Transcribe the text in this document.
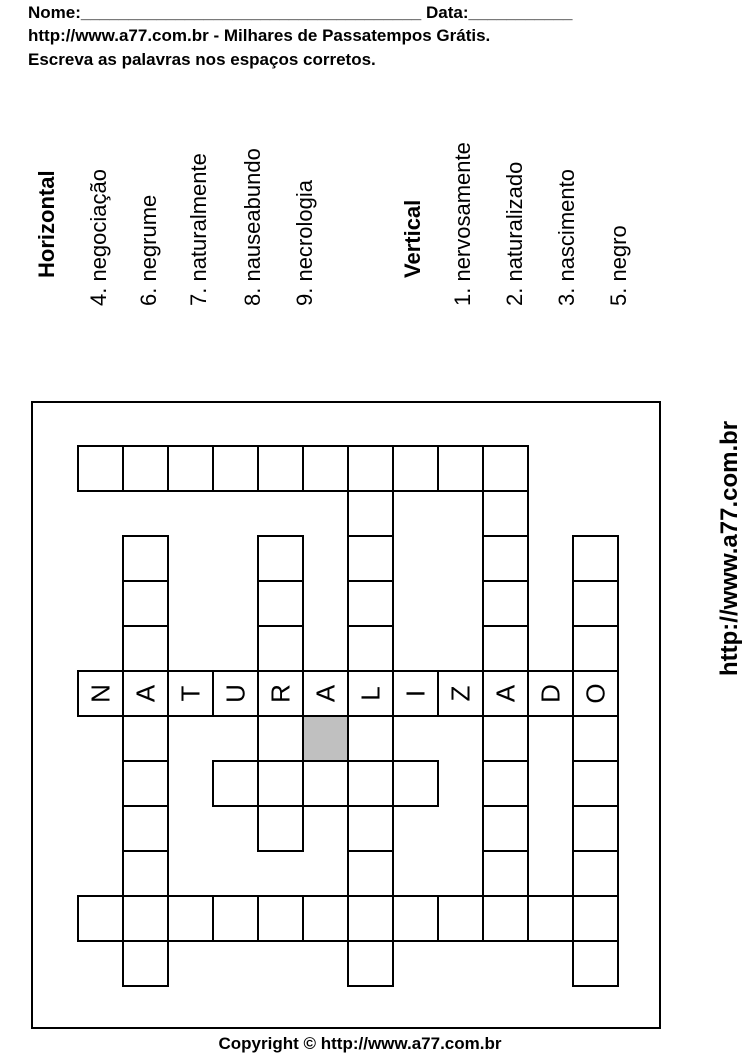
Nome:____________________________________ Data:___________
http://www.a77.com.br - Milhares de Passatempos Grátis.
Escreva as palavras nos espaços corretos.
Horizontal 4. negociação 6. negrume 7. naturalmente 8. nauseabundo 9. necrologia	Vertical 1. nervosamente 2. naturalizado 3. nascimento 5. negro
N A T U R A L I Z A D O
http://www.a77.com.br
Copyright © http://www.a77.com.br
